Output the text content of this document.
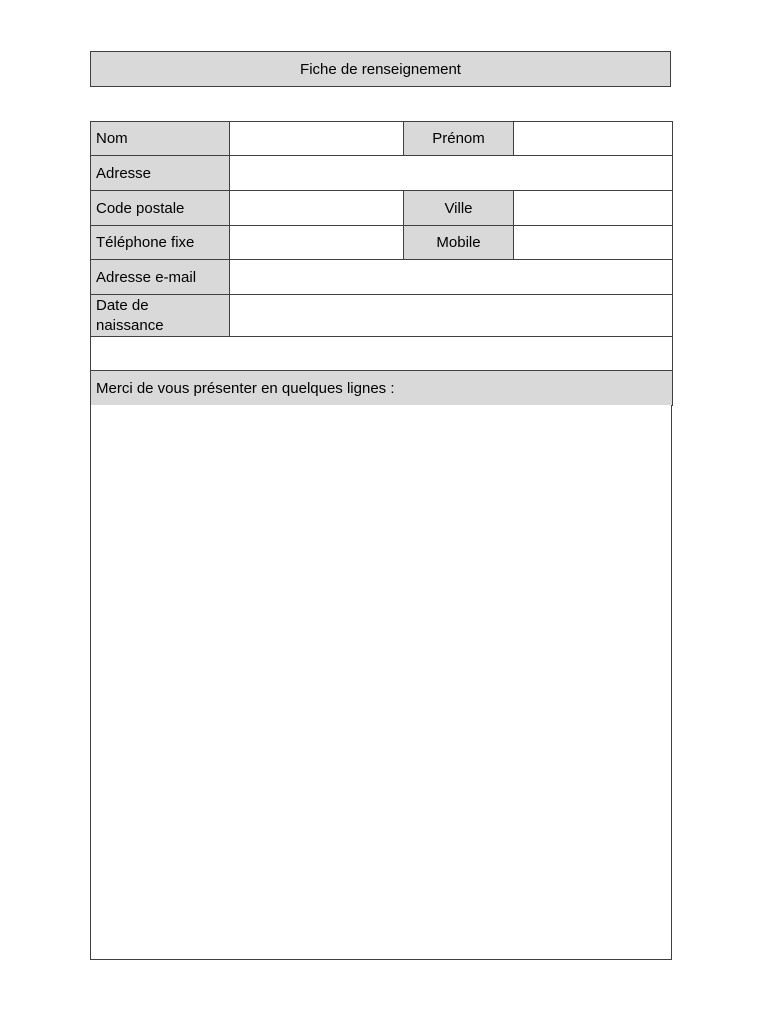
Fiche de renseignement
Nom		Prénom	
Adresse	
Code postale		Ville	
Téléphone fixe		Mobile	
Adresse e-mail	
Date de
naissance	

Merci de vous présenter en quelques lignes :			
